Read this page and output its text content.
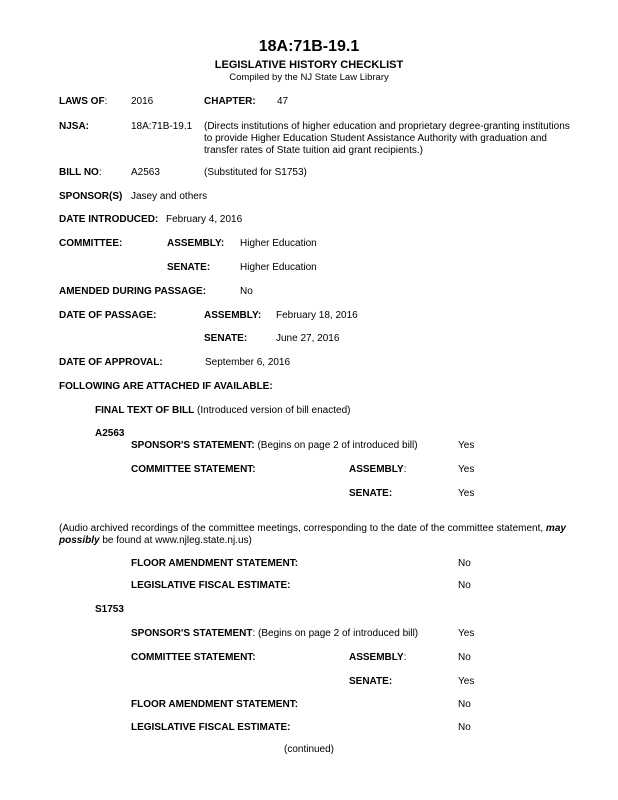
18A:71B-19.1
LEGISLATIVE HISTORY CHECKLIST
Compiled by the NJ State Law Library
LAWS OF: 2016	CHAPTER: 47
NJSA:	18A:71B-19.1 (Directs institutions of higher education and proprietary degree-granting institutions to provide Higher Education Student Assistance Authority with graduation and transfer rates of State tuition aid grant recipients.)
BILL NO:	A2563	(Substituted for S1753)
SPONSOR(S) Jasey and others
DATE INTRODUCED: February 4, 2016
COMMITTEE:	ASSEMBLY: Higher Education
SENATE:	Higher Education
AMENDED DURING PASSAGE:	No
DATE OF PASSAGE:	ASSEMBLY: February 18, 2016
SENATE:	June 27, 2016
DATE OF APPROVAL:	September 6, 2016
FOLLOWING ARE ATTACHED IF AVAILABLE:
FINAL TEXT OF BILL (Introduced version of bill enacted)
A2563
SPONSOR'S STATEMENT: (Begins on page 2 of introduced bill)	Yes
COMMITTEE STATEMENT:	ASSEMBLY:	Yes
SENATE:	Yes
(Audio archived recordings of the committee meetings, corresponding to the date of the committee statement, may possibly be found at www.njleg.state.nj.us)
FLOOR AMENDMENT STATEMENT:	No
LEGISLATIVE FISCAL ESTIMATE:	No
S1753
SPONSOR'S STATEMENT: (Begins on page 2 of introduced bill)	Yes
COMMITTEE STATEMENT:	ASSEMBLY:	No
SENATE:	Yes
FLOOR AMENDMENT STATEMENT:	No
LEGISLATIVE FISCAL ESTIMATE:	No
(continued)
